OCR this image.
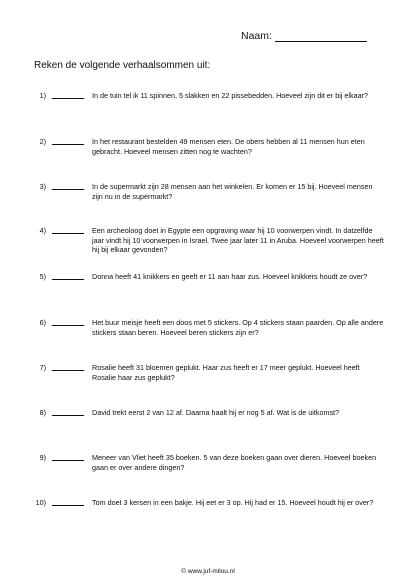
Naam:
Reken de volgende verhaalsommen uit:
1)	In de tuin tel ik 11 spinnen, 5 slakken en 22 pissebedden. Hoeveel zijn dit er bij elkaar?
2)	In het restaurant bestelden 49 mensen eten. De obers hebben al 11 mensen hun eten gebracht. Hoeveel mensen zitten nog te wachten?
3)	In de supermarkt zijn 28 mensen aan het winkelen. Er komen er 15 bij. Hoeveel mensen zijn nu in de supermarkt?
4)	Een archeoloog doet in Egypte een opgraving waar hij 10 voorwerpen vindt. In datzelfde jaar vindt hij 10 voorwerpen in Israel. Twee jaar later 11 in Aruba. Hoeveel voorwerpen heeft hij bij elkaar gevonden?
5)	Donna heeft 41 knikkers en geeft er 11 aan haar zus. Hoeveel knikkers houdt ze over?
6)	Het buur meisje heeft een doos met 5 stickers. Op 4 stickers staan paarden. Op alle andere stickers staan beren. Hoeveel beren stickers zijn er?
7)	Rosalie heeft 31 bloemen geplukt. Haar zus heeft er 17 meer geplukt. Hoeveel heeft Rosalie haar zus geplukt?
8)	David trekt eerst 2 van 12 af. Daarna haalt hij er nog 5 af. Wat is de uitkomst?
9)	Meneer van Vliet heeft 35 boeken. 5 van deze boeken gaan over dieren. Hoeveel boeken gaan er over andere dingen?
10)	Tom doet 3 kersen in een bakje. Hij eet er 3 op. Hij had er 15. Hoeveel houdt hij er over?
© www.juf-milou.nl
